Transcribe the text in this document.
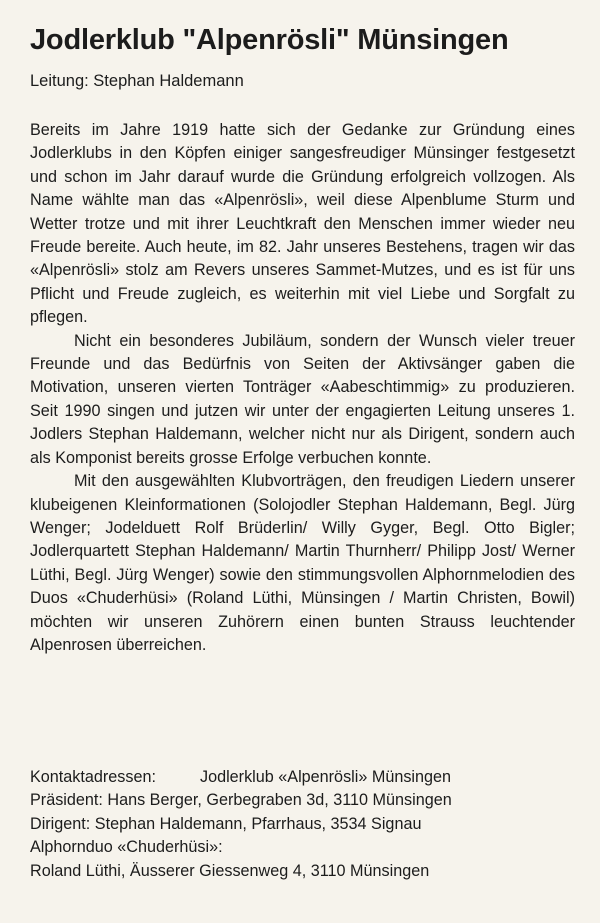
Jodlerklub "Alpenrösli" Münsingen
Leitung: Stephan Haldemann

Bereits im Jahre 1919 hatte sich der Gedanke zur Gründung eines Jodlerklubs in den Köpfen einiger sangesfreudiger Münsinger festgesetzt und schon im Jahr darauf wurde die Gründung erfolgreich vollzogen. Als Name wählte man das «Alpenrösli», weil diese Alpenblume Sturm und Wetter trotze und mit ihrer Leuchtkraft den Menschen immer wieder neu Freude bereite. Auch heute, im 82. Jahr unseres Bestehens, tragen wir das «Alpenrösli» stolz am Revers unseres Sammet-Mutzes, und es ist für uns Pflicht und Freude zugleich, es weiterhin mit viel Liebe und Sorgfalt zu pflegen.

Nicht ein besonderes Jubiläum, sondern der Wunsch vieler treuer Freunde und das Bedürfnis von Seiten der Aktivsänger gaben die Motivation, unseren vierten Tonträger «Aabeschtimmig» zu produzieren. Seit 1990 singen und jutzen wir unter der engagierten Leitung unseres 1. Jodlers Stephan Haldemann, welcher nicht nur als Dirigent, sondern auch als Komponist bereits grosse Erfolge verbuchen konnte.

Mit den ausgewählten Klubvorträgen, den freudigen Liedern unserer klubeigenen Kleinformationen (Solojodler Stephan Haldemann, Begl. Jürg Wenger; Jodelduett Rolf Brüderlin/ Willy Gyger, Begl. Otto Bigler; Jodlerquartett Stephan Haldemann/ Martin Thurnherr/ Philipp Jost/ Werner Lüthi, Begl. Jürg Wenger) sowie den stimmungsvollen Alphornmelodien des Duos «Chuderhüsi» (Roland Lüthi, Münsingen / Martin Christen, Bowil) möchten wir unseren Zuhörern einen bunten Strauss leuchtender Alpenrosen überreichen.

Kontaktadressen:	Jodlerklub «Alpenrösli» Münsingen
Präsident: Hans Berger, Gerbegraben 3d, 3110 Münsingen
Dirigent: Stephan Haldemann, Pfarrhaus, 3534 Signau
Alphornduo «Chuderhüsi»:
Roland Lüthi, Äusserer Giessenweg 4, 3110 Münsingen
